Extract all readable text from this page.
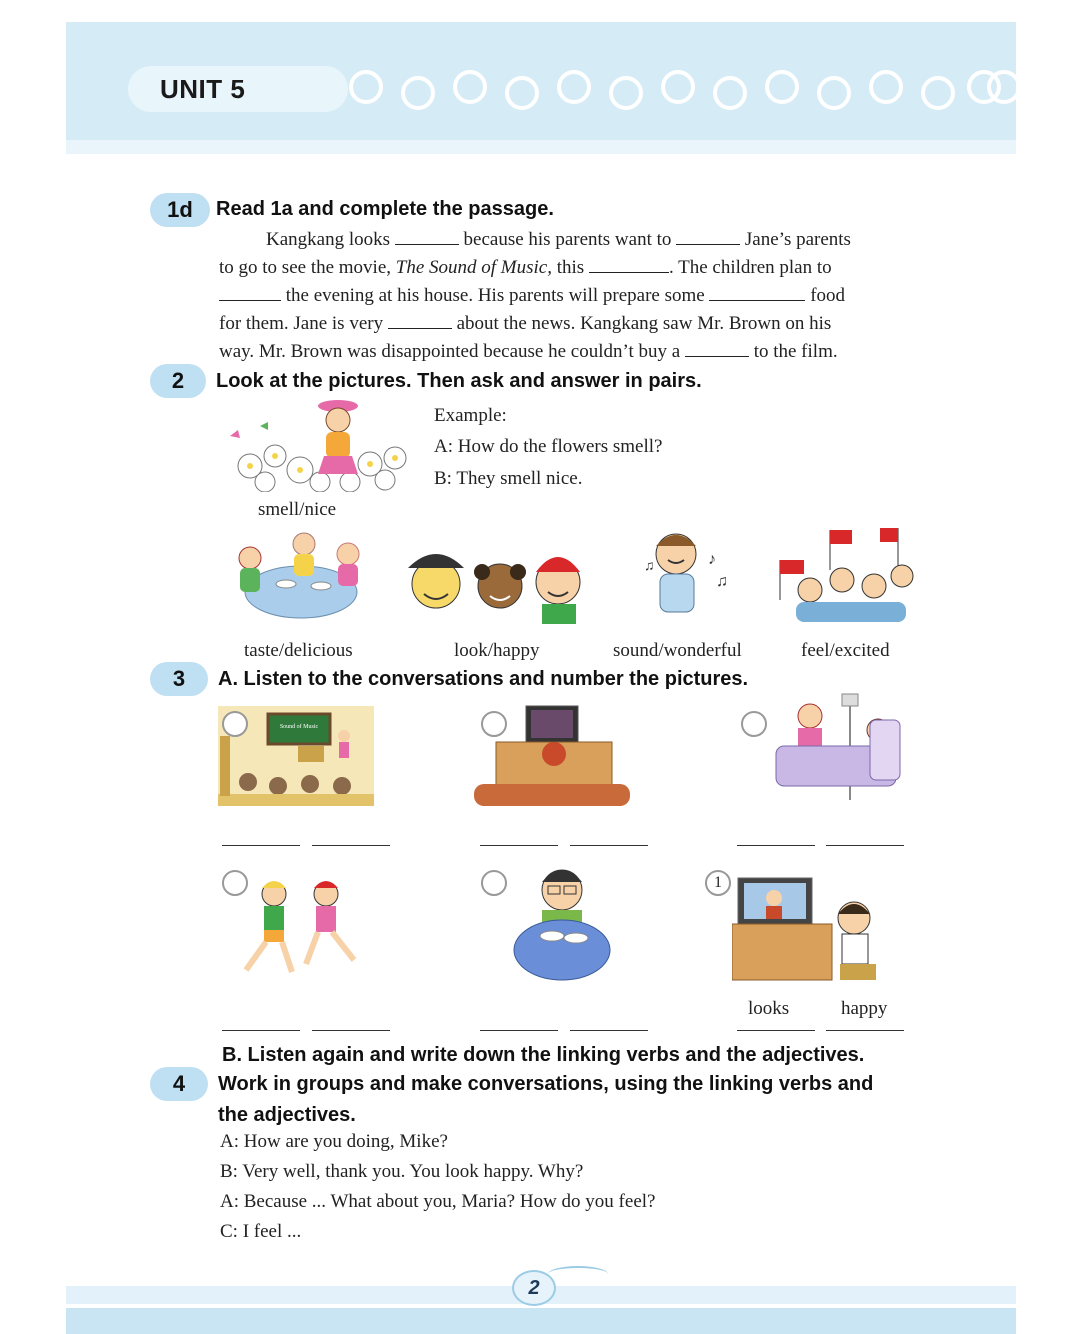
UNIT 5
1d	Read 1a and complete the passage.
Kangkang looks	because his parents want to	Jane’s parents
to go to see the movie, The Sound of Music, this	. The children plan to
the evening at his house. His parents will prepare some	food
for them. Jane is very	about the news. Kangkang saw Mr. Brown on his
way. Mr. Brown was disappointed because he couldn’t buy a	to the film.
2	Look at the pictures. Then ask and answer in pairs.
Example:
A: How do the flowers smell?
B: They smell nice.
smell/nice
♪
♫
♫
taste/delicious	look/happy	sound/wonderful	feel/excited
3	A. Listen to the conversations and number the pictures.
Sound of Music
1
looks	happy
B. Listen again and write down the linking verbs and the adjectives.
4	Work in groups and make conversations, using the linking verbs and
the adjectives.
A: How are you doing, Mike?
B: Very well, thank you. You look happy. Why?
A: Because ... What about you, Maria? How do you feel?
C: I feel ...
2
